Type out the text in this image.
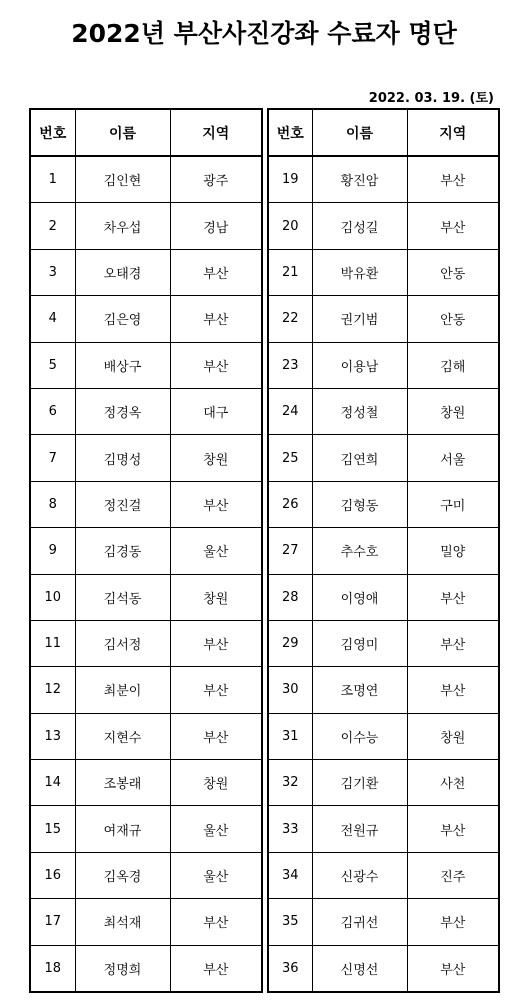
2022년 부산사진강좌 수료자 명단
2022. 03. 19. (토)
번호	이름	지역
1	김인현	광주
2	차우섭	경남
3	오태경	부산
4	김은영	부산
5	배상구	부산
6	정경옥	대구
7	김명성	창원
8	정진걸	부산
9	김경동	울산
10	김석동	창원
11	김서정	부산
12	최분이	부산
13	지현수	부산
14	조봉래	창원
15	여재규	울산
16	김옥경	울산
17	최석재	부산
18	정명희	부산
번호	이름	지역
19	황진암	부산
20	김성길	부산
21	박유환	안동
22	권기범	안동
23	이용남	김해
24	정성철	창원
25	김연희	서울
26	김형동	구미
27	추수호	밀양
28	이영애	부산
29	김영미	부산
30	조명연	부산
31	이수능	창원
32	김기환	사천
33	전원규	부산
34	신광수	진주
35	김귀선	부산
36	신명선	부산
